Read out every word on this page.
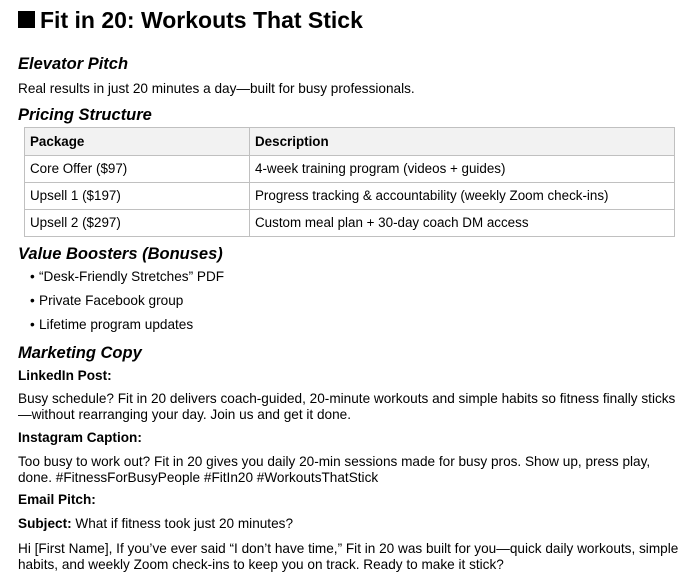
Fit in 20: Workouts That Stick
Elevator Pitch

Real results in just 20 minutes a day—built for busy professionals.

Pricing Structure
Package	Description
Core Offer ($97)	4-week training program (videos + guides)
Upsell 1 ($197)	Progress tracking & accountability (weekly Zoom check-ins)
Upsell 2 ($297)	Custom meal plan + 30-day coach DM access
Value Boosters (Bonuses)
• “Desk-Friendly Stretches” PDF
• Private Facebook group
• Lifetime program updates
Marketing Copy

LinkedIn Post:

Busy schedule? Fit in 20 delivers coach-guided, 20-minute workouts and simple habits so fitness finally sticks—without rearranging your day. Join us and get it done.

Instagram Caption:

Too busy to work out? Fit in 20 gives you daily 20-min sessions made for busy pros. Show up, press play, done. #FitnessForBusyPeople #FitIn20 #WorkoutsThatStick

Email Pitch:

Subject: What if fitness took just 20 minutes?

Hi [First Name], If you’ve ever said “I don’t have time,” Fit in 20 was built for you—quick daily workouts, simple habits, and weekly Zoom check-ins to keep you on track. Ready to make it stick?
